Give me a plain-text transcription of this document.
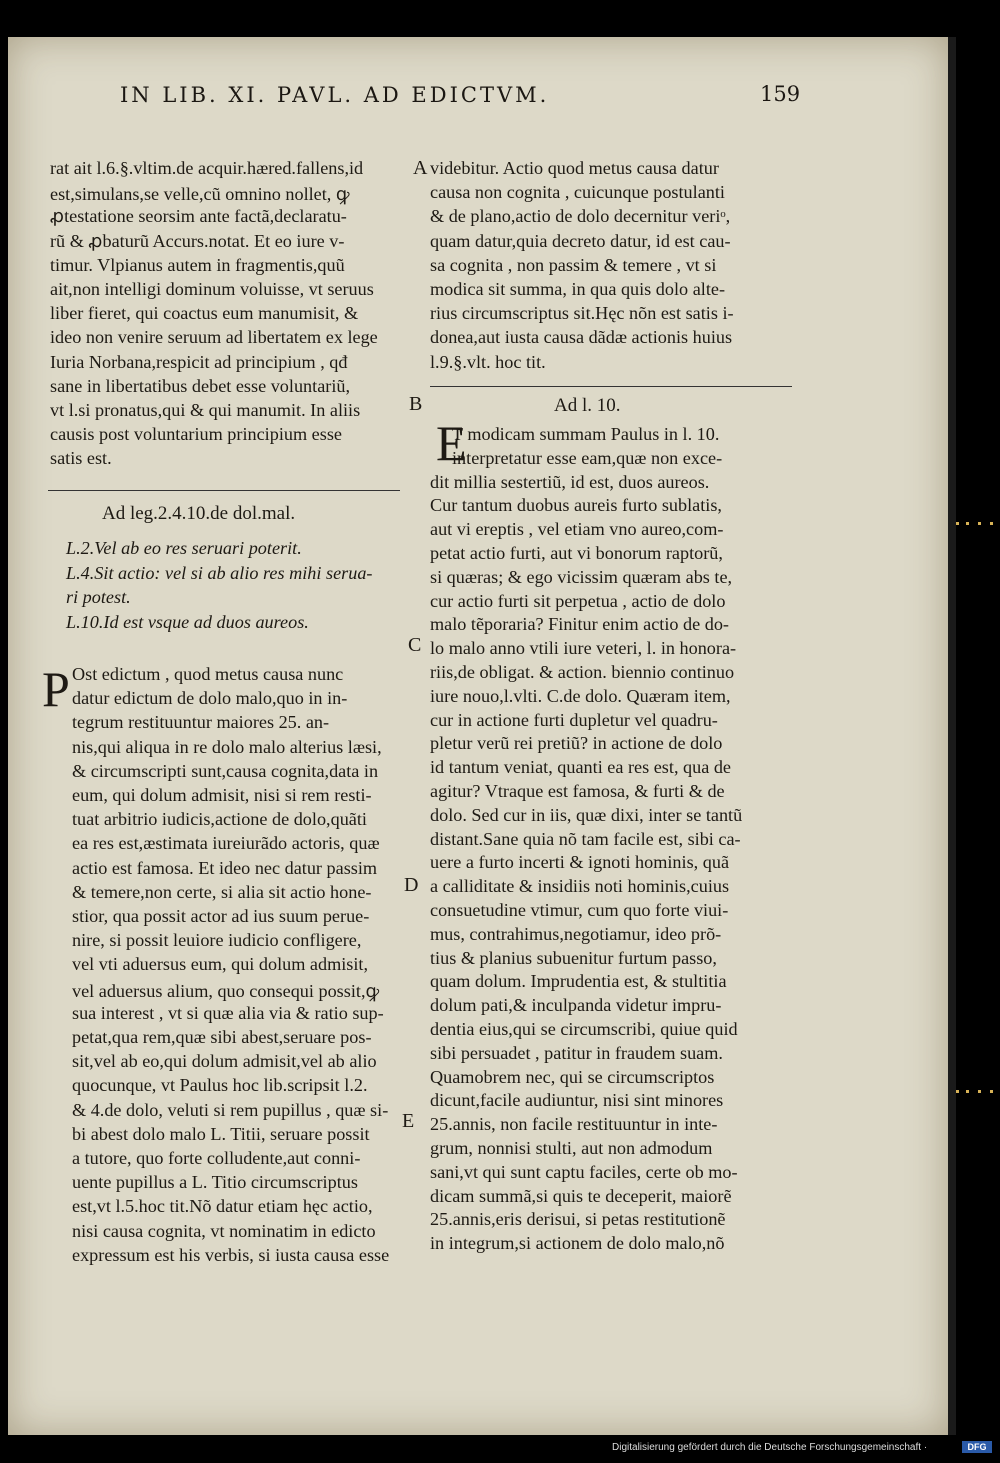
IN LIB. XI. PAVL. AD EDICTVM.	159
A
B
C
D
E
rat ait l.6.§.vltim.de acquir.hæred.fallens,id
est,simulans,se velle,cũ omnino nollet, ꝙ
ꝓtestatione seorsim ante factã,declaratu-
rũ & ꝓbaturũ Accurs.notat. Et eo iure v-
timur. Vlpianus autem in fragmentis,quũ
ait,non intelligi dominum voluisse, vt seruus
liber fieret, qui coactus eum manumisit, &
ideo non venire seruum ad libertatem ex lege
Iuria Norbana,respicit ad principium , qđ
sane in libertatibus debet esse voluntariũ,
vt l.si pronatus,qui & qui manumit. In aliis
causis post voluntarium principium esse
satis est.
Ad leg.2.4.10.de dol.mal.
L.2.Vel ab eo res seruari poterit.
L.4.Sit actio: vel si ab alio res mihi serua-
ri potest.
L.10.Id est vsque ad duos aureos.
P Ost edictum , quod metus causa nunc
datur edictum de dolo malo,quo in in-
tegrum restituuntur maiores 25. an-
nis,qui aliqua in re dolo malo alterius læsi,
& circumscripti sunt,causa cognita,data in
eum, qui dolum admisit, nisi si rem resti-
tuat arbitrio iudicis,actione de dolo,quãti
ea res est,æstimata iureiurãdo actoris, quæ
actio est famosa. Et ideo nec datur passim
& temere,non certe, si alia sit actio hone-
stior, qua possit actor ad ius suum perue-
nire, si possit leuiore iudicio confligere,
vel vti aduersus eum, qui dolum admisit,
vel aduersus alium, quo consequi possit,ꝙ
sua interest , vt si quæ alia via & ratio sup-
petat,qua rem,quæ sibi abest,seruare pos-
sit,vel ab eo,qui dolum admisit,vel ab alio
quocunque, vt Paulus hoc lib.scripsit l.2.
& 4.de dolo, veluti si rem pupillus , quæ si-
bi abest dolo malo L. Titii, seruare possit
a tutore, quo forte colludente,aut conni-
uente pupillus a L. Titio circumscriptus
est,vt l.5.hoc tit.Nõ datur etiam hęc actio,
nisi causa cognita, vt nominatim in edicto
expressum est his verbis, si iusta causa esse
videbitur. Actio quod metus causa datur
causa non cognita , cuicunque postulanti
& de plano,actio de dolo decernitur veriᵒ,
quam datur,quia decreto datur, id est cau-
sa cognita , non passim & temere , vt si
modica sit summa, in qua quis dolo alte-
rius circumscriptus sit.Hęc nõn est satis i-
donea,aut iusta causa dãdæ actionis huius
l.9.§.vlt. hoc tit.
Ad l. 10.
E
T modicam summam Paulus in l. 10.
interpretatur esse eam,quæ non exce-
dit millia sestertiũ, id est, duos aureos.
Cur tantum duobus aureis furto sublatis,
aut vi ereptis , vel etiam vno aureo,com-
petat actio furti, aut vi bonorum raptorũ,
si quæras; & ego vicissim quæram abs te,
cur actio furti sit perpetua , actio de dolo
malo tẽporaria? Finitur enim actio de do-
lo malo anno vtili iure veteri, l. in honora-
riis,de obligat. & action. biennio continuo
iure nouo,l.vlti. C.de dolo. Quæram item,
cur in actione furti dupletur vel quadru-
pletur verũ rei pretiũ? in actione de dolo
id tantum veniat, quanti ea res est, qua de
agitur? Vtraque est famosa, & furti & de
dolo. Sed cur in iis, quæ dixi, inter se tantũ
distant.Sane quia nõ tam facile est, sibi ca-
uere a furto incerti & ignoti hominis, quã
a calliditate & insidiis noti hominis,cuius
consuetudine vtimur, cum quo forte viui-
mus, contrahimus,negotiamur, ideo prõ-
tius & planius subuenitur furtum passo,
quam dolum. Imprudentia est, & stultitia
dolum pati,& inculpanda videtur impru-
dentia eius,qui se circumscribi, quiue quid
sibi persuadet , patitur in fraudem suam.
Quamobrem nec, qui se circumscriptos
dicunt,facile audiuntur, nisi sint minores
25.annis, non facile restituuntur in inte-
grum, nonnisi stulti, aut non admodum
sani,vt qui sunt captu faciles, certe ob mo-
dicam summã,si quis te deceperit, maiorẽ
25.annis,eris derisui, si petas restitutionẽ
in integrum,si actionem de dolo malo,nõ
Digitalisierung gefördert durch die Deutsche Forschungsgemeinschaft ·	DFG
